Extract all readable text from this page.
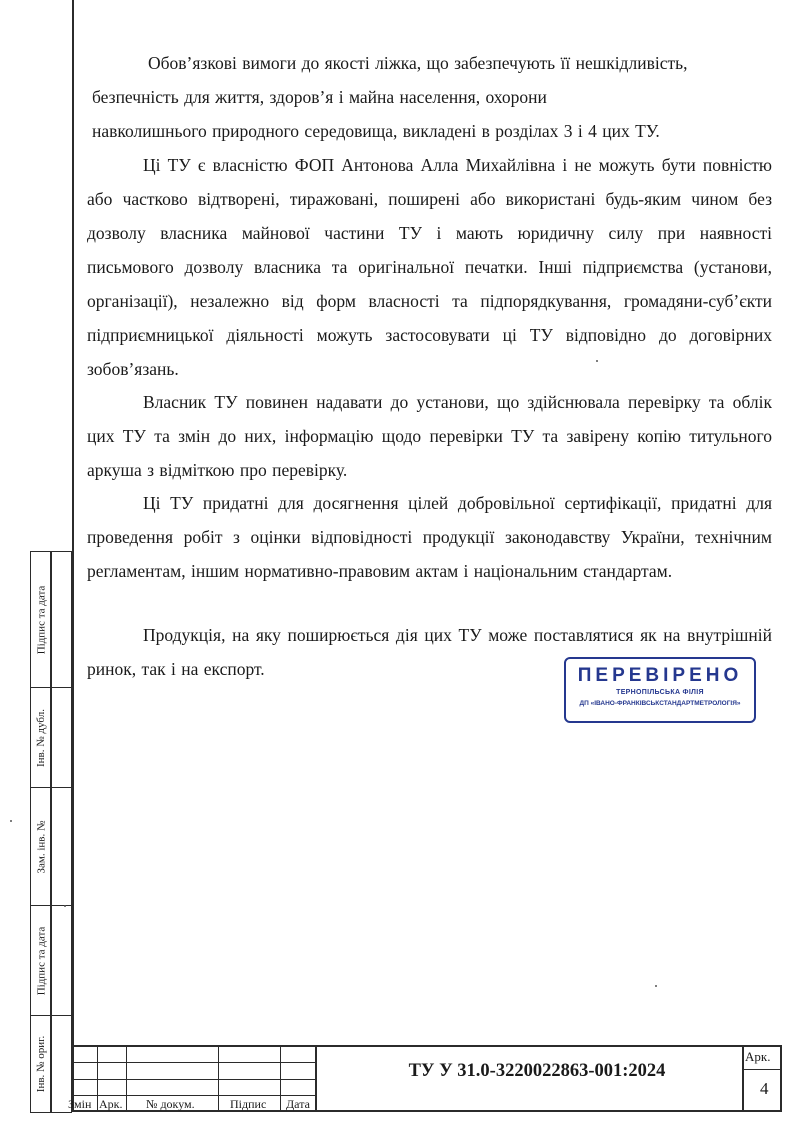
Обов’язкові вимоги до якості ліжка, що забезпечують її нешкідливість,
безпечність для життя, здоров’я і майна населення, охорони
навколишнього природного середовища, викладені в розділах 3 і 4 цих ТУ.

Ці ТУ є власністю ФОП Антонова Алла Михайлівна і не можуть бути повністю або частково відтворені, тиражовані, поширені або використані будь-яким чином без дозволу власника майнової частини ТУ і мають юридичну силу при наявності письмового дозволу власника та оригінальної печатки. Інші підприємства (установи, організації), незалежно від форм власності та підпорядкування, громадяни-суб’єкти підприємницької діяльності можуть застосовувати ці ТУ відповідно до договірних зобов’язань.

Власник ТУ повинен надавати до установи, що здійснювала перевірку та облік цих ТУ та змін до них, інформацію щодо перевірки ТУ та завірену копію титульного аркуша з відміткою про перевірку.

Ці ТУ придатні для досягнення цілей добровільної сертифікації, придатні для проведення робіт з оцінки відповідності продукції законодавству України, технічним регламентам, іншим нормативно-правовим актам і національним стандартам.

Продукція, на яку поширюється дія цих ТУ може поставлятися як на внутрішній ринок, так і на експорт.	ПЕРЕВІРЕНО
ТЕРНОПІЛЬСЬКА ФІЛІЯ
ДП «ІВАНО-ФРАНКІВСЬКСТАНДАРТМЕТРОЛОГІЯ»
Підпис та дата
Інв. № дубл.
Зам. інв. №
Підпис та дата
Інв. № ориг.
Змін Арк. № докум.	Підпис Дата
ТУ У 31.0-3220022863-001:2024
Арк.
4
